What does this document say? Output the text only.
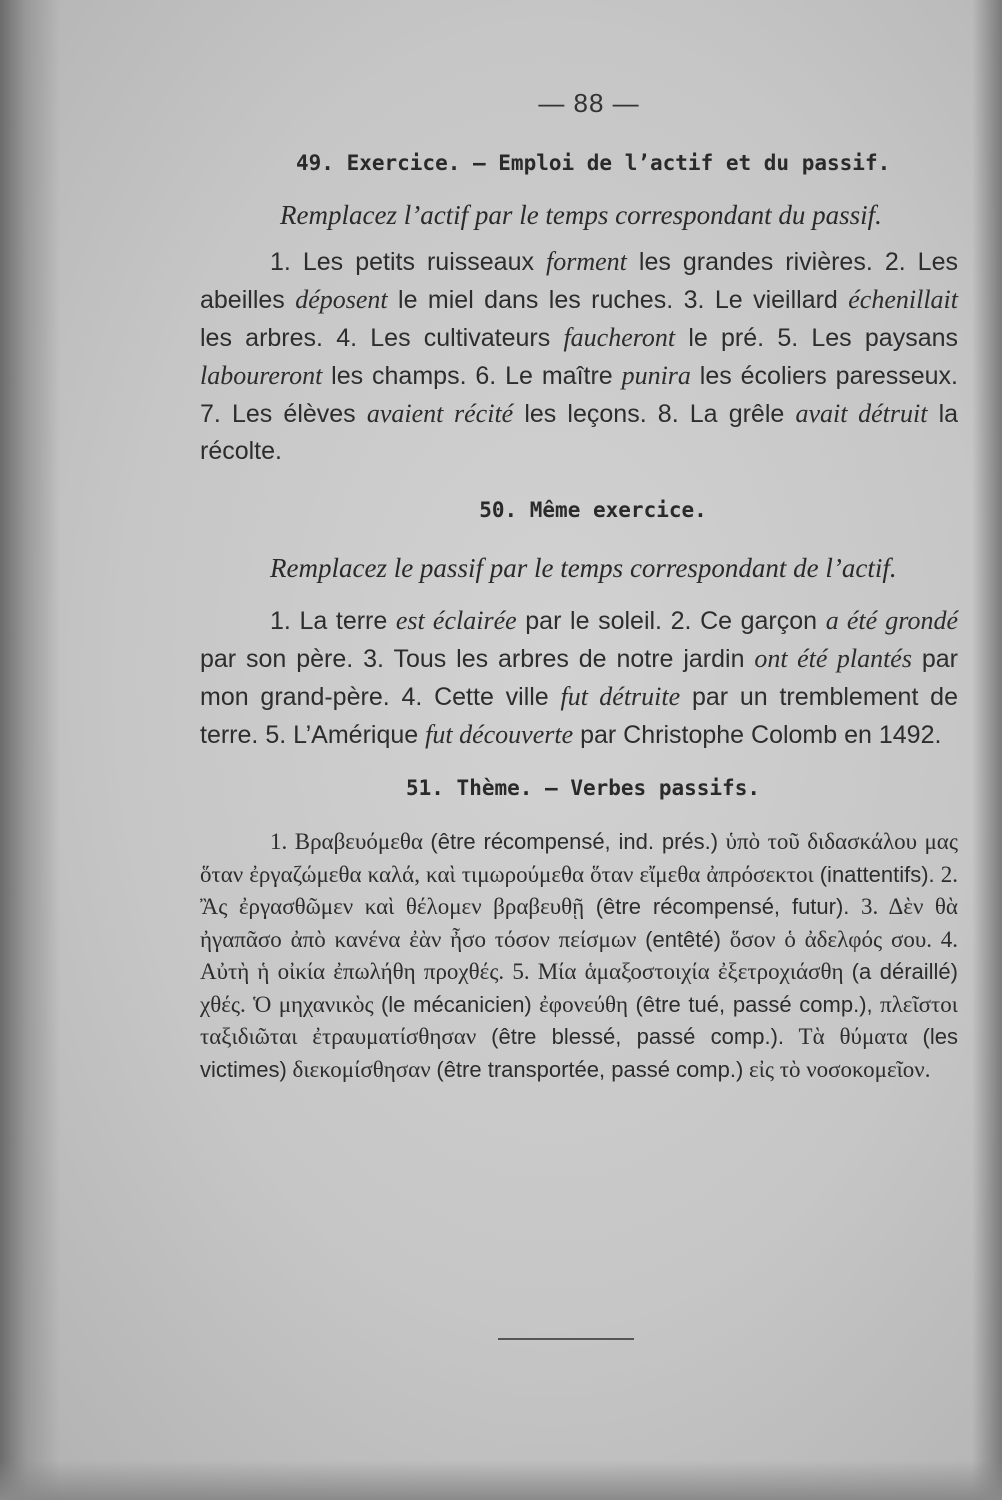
— 88 —
49. Exercice. — Emploi de l’actif et du passif.

Remplacez l’actif par le temps correspondant du passif.

1. Les petits ruisseaux forment les grandes rivières. 2. Les abeilles déposent le miel dans les ruches. 3. Le vieillard échenillait les arbres. 4. Les cultivateurs faucheront le pré. 5. Les paysans laboureront les champs. 6. Le maître punira les écoliers paresseux. 7. Les élèves avaient récité les leçons. 8. La grêle avait détruit la récolte.

50. Même exercice.

Remplacez le passif par le temps correspondant de l’actif.

1. La terre est éclairée par le soleil. 2. Ce garçon a été grondé par son père. 3. Tous les arbres de notre jardin ont été plantés par mon grand-père. 4. Cette ville fut détruite par un tremblement de terre. 5. L’Amérique fut découverte par Christophe Colomb en 1492.

51. Thème. — Verbes passifs.

1. Βραβευόμεθα (être récompensé, ind. prés.) ὑπὸ τοῦ διδασκάλου μας ὅταν ἐργαζώμεθα καλά, καὶ τιμωρούμεθα ὅταν εἴμεθα ἀπρόσεκτοι (inattentifs). 2. Ἂς ἐργασθῶμεν καὶ θέλομεν βραβευθῇ (être récompensé, futur). 3. Δὲν θὰ ἠγαπᾶσο ἀπὸ κανένα ἐὰν ἦσο τόσον πείσμων (entêté) ὅσον ὁ ἀδελφός σου. 4. Αὐτὴ ἡ οἰκία ἐπωλήθη προχθές. 5. Μία ἁμαξοστοιχία ἐξετροχιάσθη (a déraillé) χθές. Ὁ μηχανικὸς (le mécanicien) ἐφονεύθη (être tué, passé comp.), πλεῖστοι ταξιδιῶται ἐτραυματίσθησαν (être blessé, passé comp.). Τὰ θύματα (les victimes) διεκομίσθησαν (être transportée, passé comp.) εἰς τὸ νοσοκομεῖον.
